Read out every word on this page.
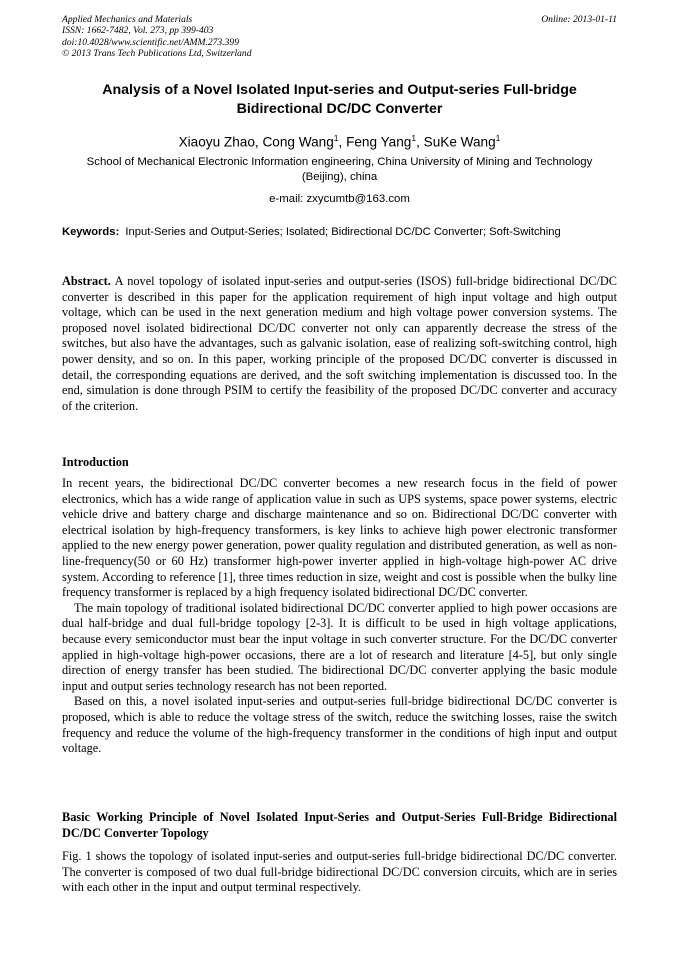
Applied Mechanics and Materials
ISSN: 1662-7482, Vol. 273, pp 399-403
doi:10.4028/www.scientific.net/AMM.273.399
© 2013 Trans Tech Publications Ltd, Switzerland
Online: 2013-01-11
Analysis of a Novel Isolated Input-series and Output-series Full-bridge Bidirectional DC/DC Converter
Xiaoyu Zhao, Cong Wang$^1$, Feng Yang$^1$, SuKe Wang$^1$
School of Mechanical Electronic Information engineering, China University of Mining and Technology (Beijing), china
e-mail: zxycumtb@163.com
Keywords: Input-Series and Output-Series; Isolated; Bidirectional DC/DC Converter; Soft-Switching
Abstract. A novel topology of isolated input-series and output-series (ISOS) full-bridge bidirectional DC/DC converter is described in this paper for the application requirement of high input voltage and high output voltage, which can be used in the next generation medium and high voltage power conversion systems. The proposed novel isolated bidirectional DC/DC converter not only can apparently decrease the stress of the switches, but also have the advantages, such as galvanic isolation, ease of realizing soft-switching control, high power density, and so on. In this paper, working principle of the proposed DC/DC converter is discussed in detail, the corresponding equations are derived, and the soft switching implementation is discussed too. In the end, simulation is done through PSIM to certify the feasibility of the proposed DC/DC converter and accuracy of the criterion.
Introduction

In recent years, the bidirectional DC/DC converter becomes a new research focus in the field of power electronics, which has a wide range of application value in such as UPS systems, space power systems, electric vehicle drive and battery charge and discharge maintenance and so on. Bidirectional DC/DC converter with electrical isolation by high-frequency transformers, is key links to achieve high power electronic transformer applied to the new energy power generation, power quality regulation and distributed generation, as well as non-line-frequency(50 or 60 Hz) transformer high-power inverter applied in high-voltage high-power AC drive system. According to reference [1], three times reduction in size, weight and cost is possible when the bulky line frequency transformer is replaced by a high frequency isolated bidirectional DC/DC converter.

The main topology of traditional isolated bidirectional DC/DC converter applied to high power occasions are dual half-bridge and dual full-bridge topology [2-3]. It is difficult to be used in high voltage applications, because every semiconductor must bear the input voltage in such converter structure. For the DC/DC converter applied in high-voltage high-power occasions, there are a lot of research and literature [4-5], but only single direction of energy transfer has been studied. The bidirectional DC/DC converter applying the basic module input and output series technology research has not been reported.

Based on this, a novel isolated input-series and output-series full-bridge bidirectional DC/DC converter is proposed, which is able to reduce the voltage stress of the switch, reduce the switching losses, raise the switch frequency and reduce the volume of the high-frequency transformer in the conditions of high input and output voltage.

Basic Working Principle of Novel Isolated Input-Series and Output-Series Full-Bridge Bidirectional DC/DC Converter Topology

Fig. 1 shows the topology of isolated input-series and output-series full-bridge bidirectional DC/DC converter. The converter is composed of two dual full-bridge bidirectional DC/DC conversion circuits, which are in series with each other in the input and output terminal respectively.
